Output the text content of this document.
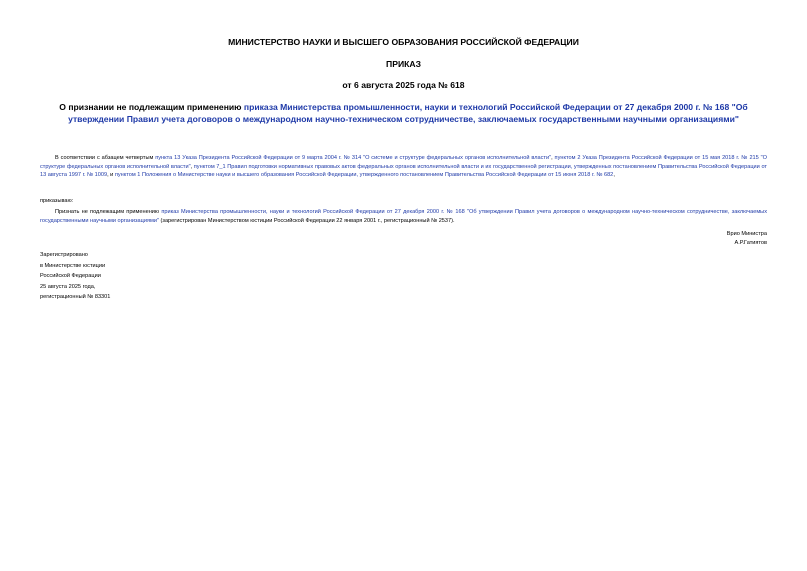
МИНИСТЕРСТВО НАУКИ И ВЫСШЕГО ОБРАЗОВАНИЯ РОССИЙСКОЙ ФЕДЕРАЦИИ
ПРИКАЗ
от 6 августа 2025 года № 618
О признании не подлежащим применению приказа Министерства промышленности, науки и технологий Российской Федерации от 27 декабря 2000 г. № 168 "Об утверждении Правил учета договоров о международном научно-техническом сотрудничестве, заключаемых государственными научными организациями"
В соответствии с абзацем четвертым пункта 13 Указа Президента Российской Федерации от 9 марта 2004 г. № 314 "О системе и структуре федеральных органов исполнительной власти", пунктом 2 Указа Президента Российской Федерации от 15 мая 2018 г. № 215 "О структуре федеральных органов исполнительной власти", пунктом 7_1 Правил подготовки нормативных правовых актов федеральных органов исполнительной власти и их государственной регистрации, утвержденных постановлением Правительства Российской Федерации от 13 августа 1997 г. № 1009, и пунктом 1 Положения о Министерстве науки и высшего образования Российской Федерации, утвержденного постановлением Правительства Российской Федерации от 15 июня 2018 г. № 682,
приказываю:
Признать не подлежащим применению приказ Министерства промышленности, науки и технологий Российской Федерации от 27 декабря 2000 г. № 168 "Об утверждении Правил учета договоров о международном научно-техническом сотрудничестве, заключаемых государственными научными организациями" (зарегистрирован Министерством юстиции Российской Федерации 22 января 2001 г., регистрационный № 2537).
Врио Министра
А.Р.Гатиятов
Зарегистрировано
в Министерстве юстиции
Российской Федерации
25 августа 2025 года,
регистрационный № 83301
